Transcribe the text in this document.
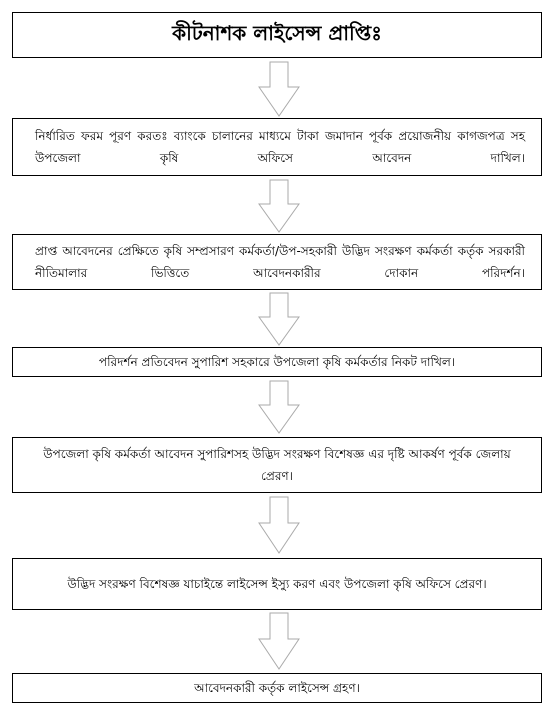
কীটনাশক লাইসেন্স প্রাপ্তিঃ
নির্ধারিত ফরম পূরণ করতঃ ব্যাংকে চালানের মাধ্যমে টাকা জমাদান পূর্বক প্রয়োজনীয় কাগজপত্র সহ উপজেলা কৃষি অফিসে আবেদন দাখিল।
প্রাপ্ত আবেদনের প্রেক্ষিতে কৃষি সম্প্রসারণ কর্মকর্তা/উপ-সহকারী উদ্ভিদ সংরক্ষণ কর্মকর্তা কর্তৃক সরকারী নীতিমালার ভিত্তিতে আবেদনকারীর দোকান পরিদর্শন।
পরিদর্শন প্রতিবেদন সুপারিশ সহকারে উপজেলা কৃষি কর্মকর্তার নিকট দাখিল।
উপজেলা কৃষি কর্মকর্তা আবেদন সুপারিশসহ উদ্ভিদ সংরক্ষণ বিশেষজ্ঞ এর দৃষ্টি আকর্ষণ পূর্বক জেলায় প্রেরণ।
উদ্ভিদ সংরক্ষণ বিশেষজ্ঞ যাচাইন্তে লাইসেন্স ইস্যু করণ এবং উপজেলা কৃষি অফিসে প্রেরণ।
আবেদনকারী কর্তৃক লাইসেন্স গ্রহণ।
